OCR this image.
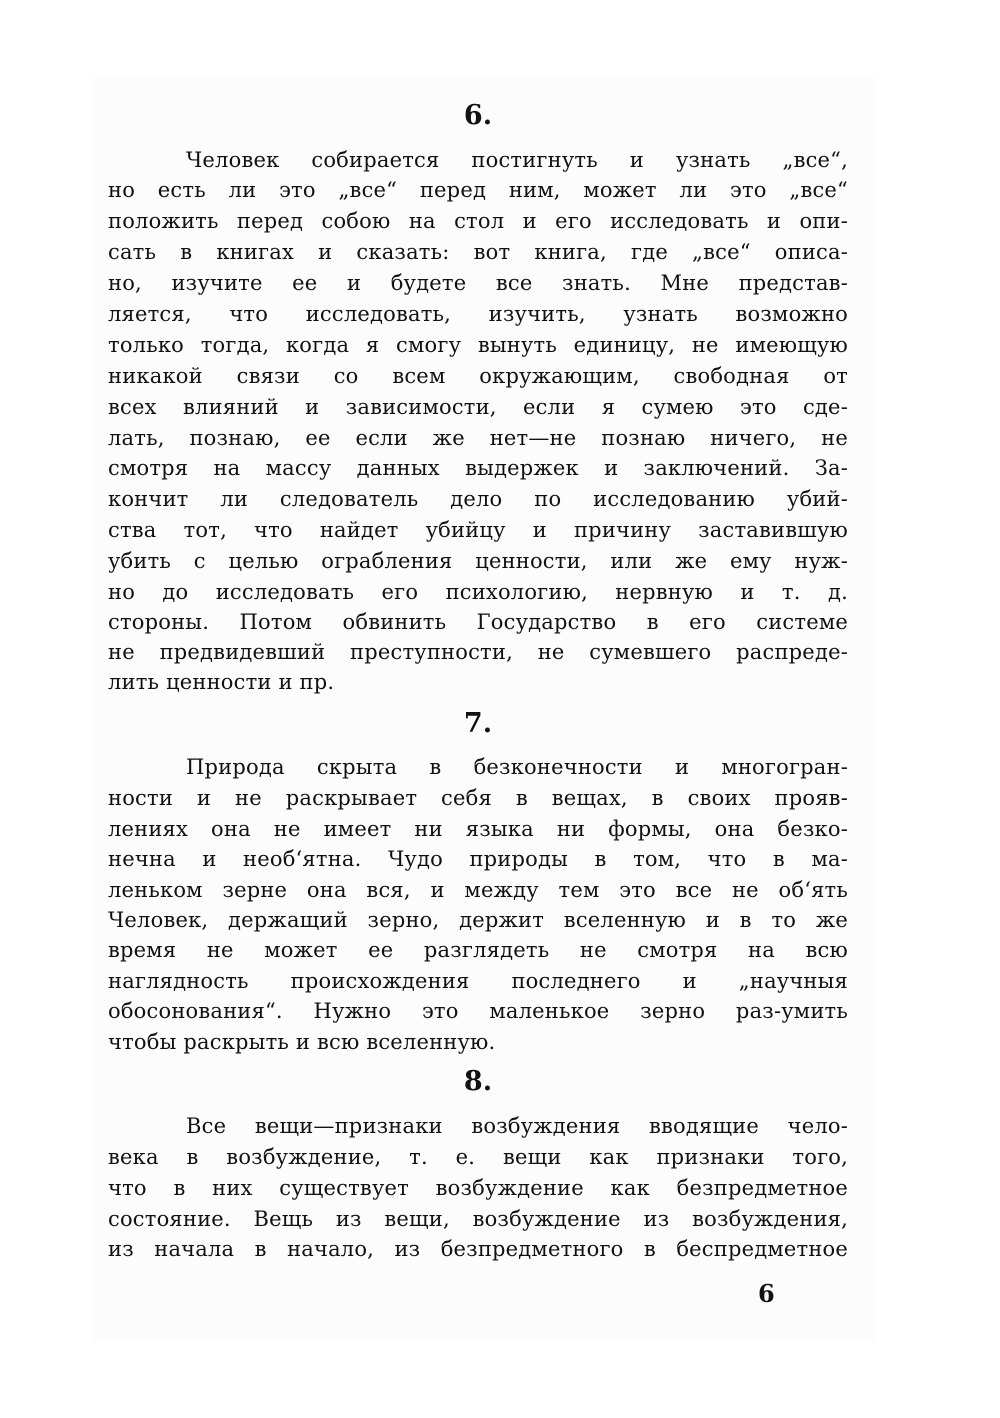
6.
Человек собирается постигнуть и узнать „все“,
но есть ли это „все“ перед ним, может ли это „все“
положить перед собою на стол и его исследовать и опи-
сать в книгах и сказать: вот книга, где „все“ описа-
но, изучите ее и будете все знать. Мне представ-
ляется, что исследовать, изучить, узнать возможно
только тогда, когда я смогу вынуть единицу, не имеющую
никакой связи со всем окружающим, свободная от
всех влияний и зависимости, если я сумею это сде-
лать, познаю, ее если же нет—не познаю ничего, не
смотря на массу данных выдержек и заключений. За-
кончит ли следователь дело по исследованию убий-
ства тот, что найдет убийцу и причину заставившую
убить с целью ограбления ценности, или же ему нуж-
но до исследовать его психологию, нервную и т. д.
стороны. Потом обвинить Государство в его системе
не предвидевший преступности, не сумевшего распреде-
лить ценности и пр.
7.
Природа скрыта в безконечности и многогран-
ности и не раскрывает себя в вещах, в своих прояв-
лениях она не имеет ни языка ни формы, она безко-
нечна и необ‘ятна. Чудо природы в том, что в ма-
леньком зерне она вся, и между тем это все не об‘ять
Человек, держащий зерно, держит вселенную и в то же
время не может ее разглядеть не смотря на всю
наглядность происхождения последнего и „научныя
обосонования“. Нужно это маленькое зерно раз-умить
чтобы раскрыть и всю вселенную.
8.
Все вещи—признаки возбуждения вводящие чело-
века в возбуждение, т. е. вещи как признаки того,
что в них существует возбуждение как безпредметное
состояние. Вещь из вещи, возбуждение из возбуждения,
из начала в начало, из безпредметного в беспредметное
6
